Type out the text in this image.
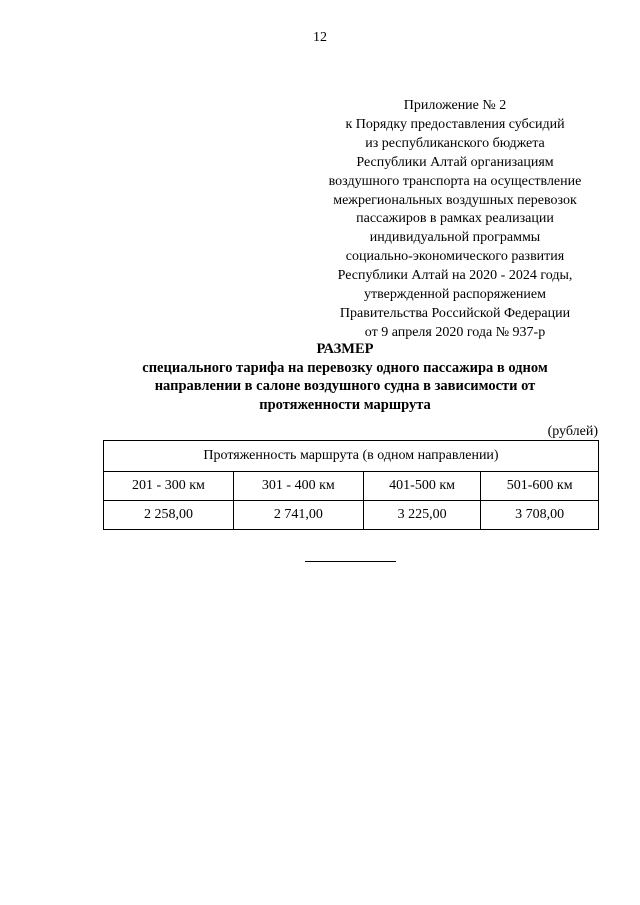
12
Приложение № 2
к Порядку предоставления субсидий
из республиканского бюджета
Республики Алтай организациям
воздушного транспорта на осуществление
межрегиональных воздушных перевозок
пассажиров в рамках реализации
индивидуальной программы
социально-экономического развития
Республики Алтай на 2020 - 2024 годы,
утвержденной распоряжением
Правительства Российской Федерации
от 9 апреля 2020 года № 937-р
РАЗМЕР
специального тарифа на перевозку одного пассажира в одном
направлении в салоне воздушного судна в зависимости от
протяженности маршрута
(рублей)
Протяженность маршрута (в одном направлении)			
201 - 300 км	301 - 400 км	401-500 км	501-600 км
2 258,00	2 741,00	3 225,00	3 708,00
